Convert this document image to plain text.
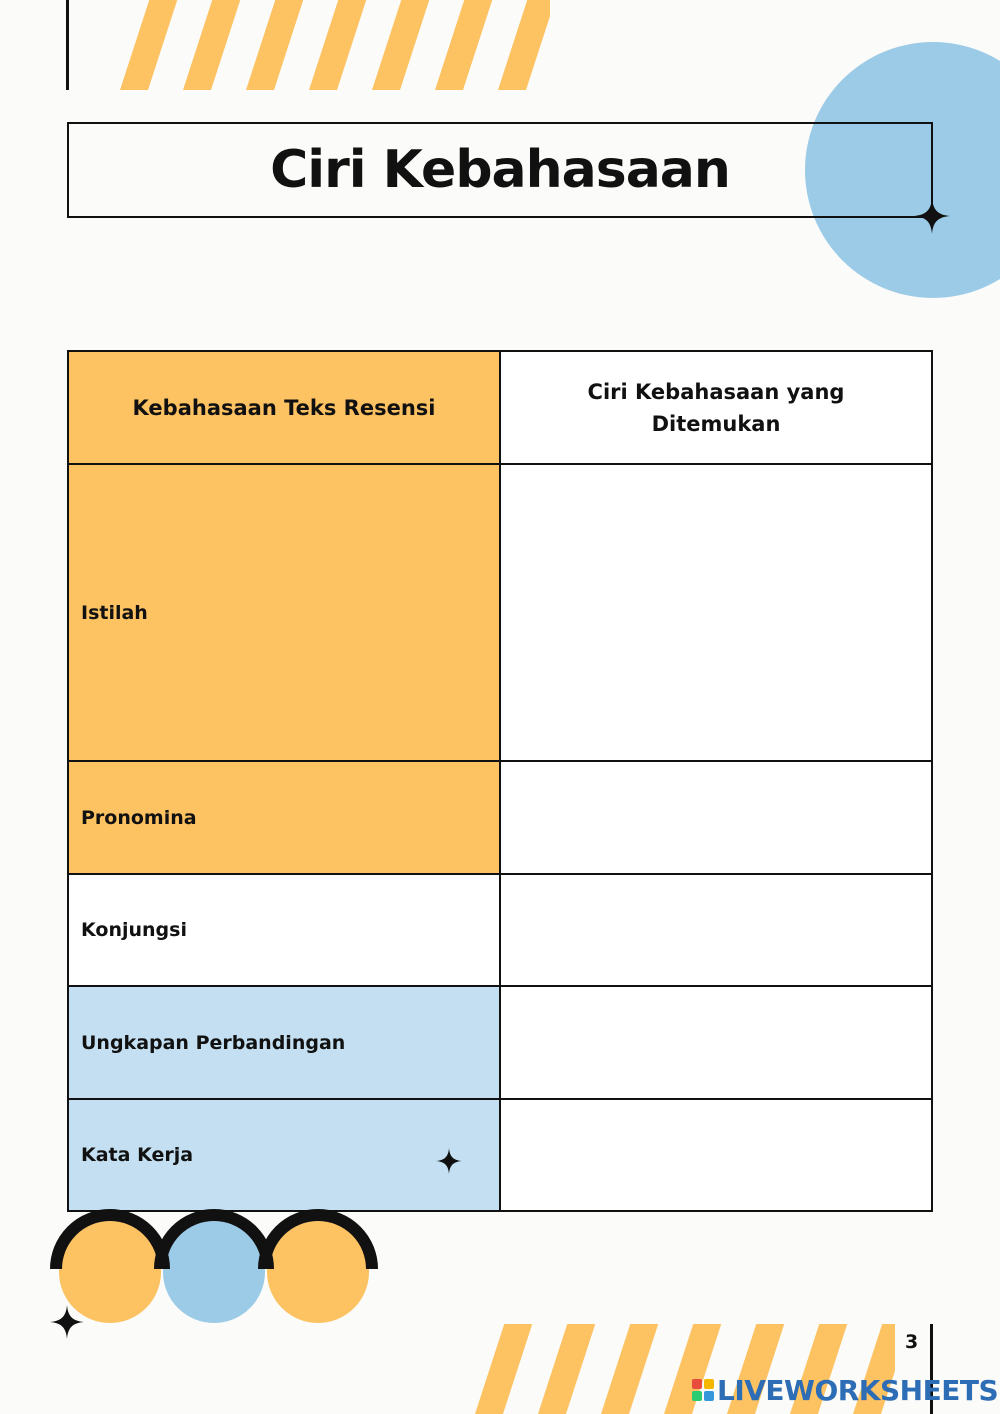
Ciri Kebahasaan
Kebahasaan Teks Resensi	Ciri Kebahasaan yang Ditemukan
Istilah	
Pronomina	
Konjungsi	
Ungkapan Perbandingan	
Kata Kerja	
3
LIVEWORKSHEETS
